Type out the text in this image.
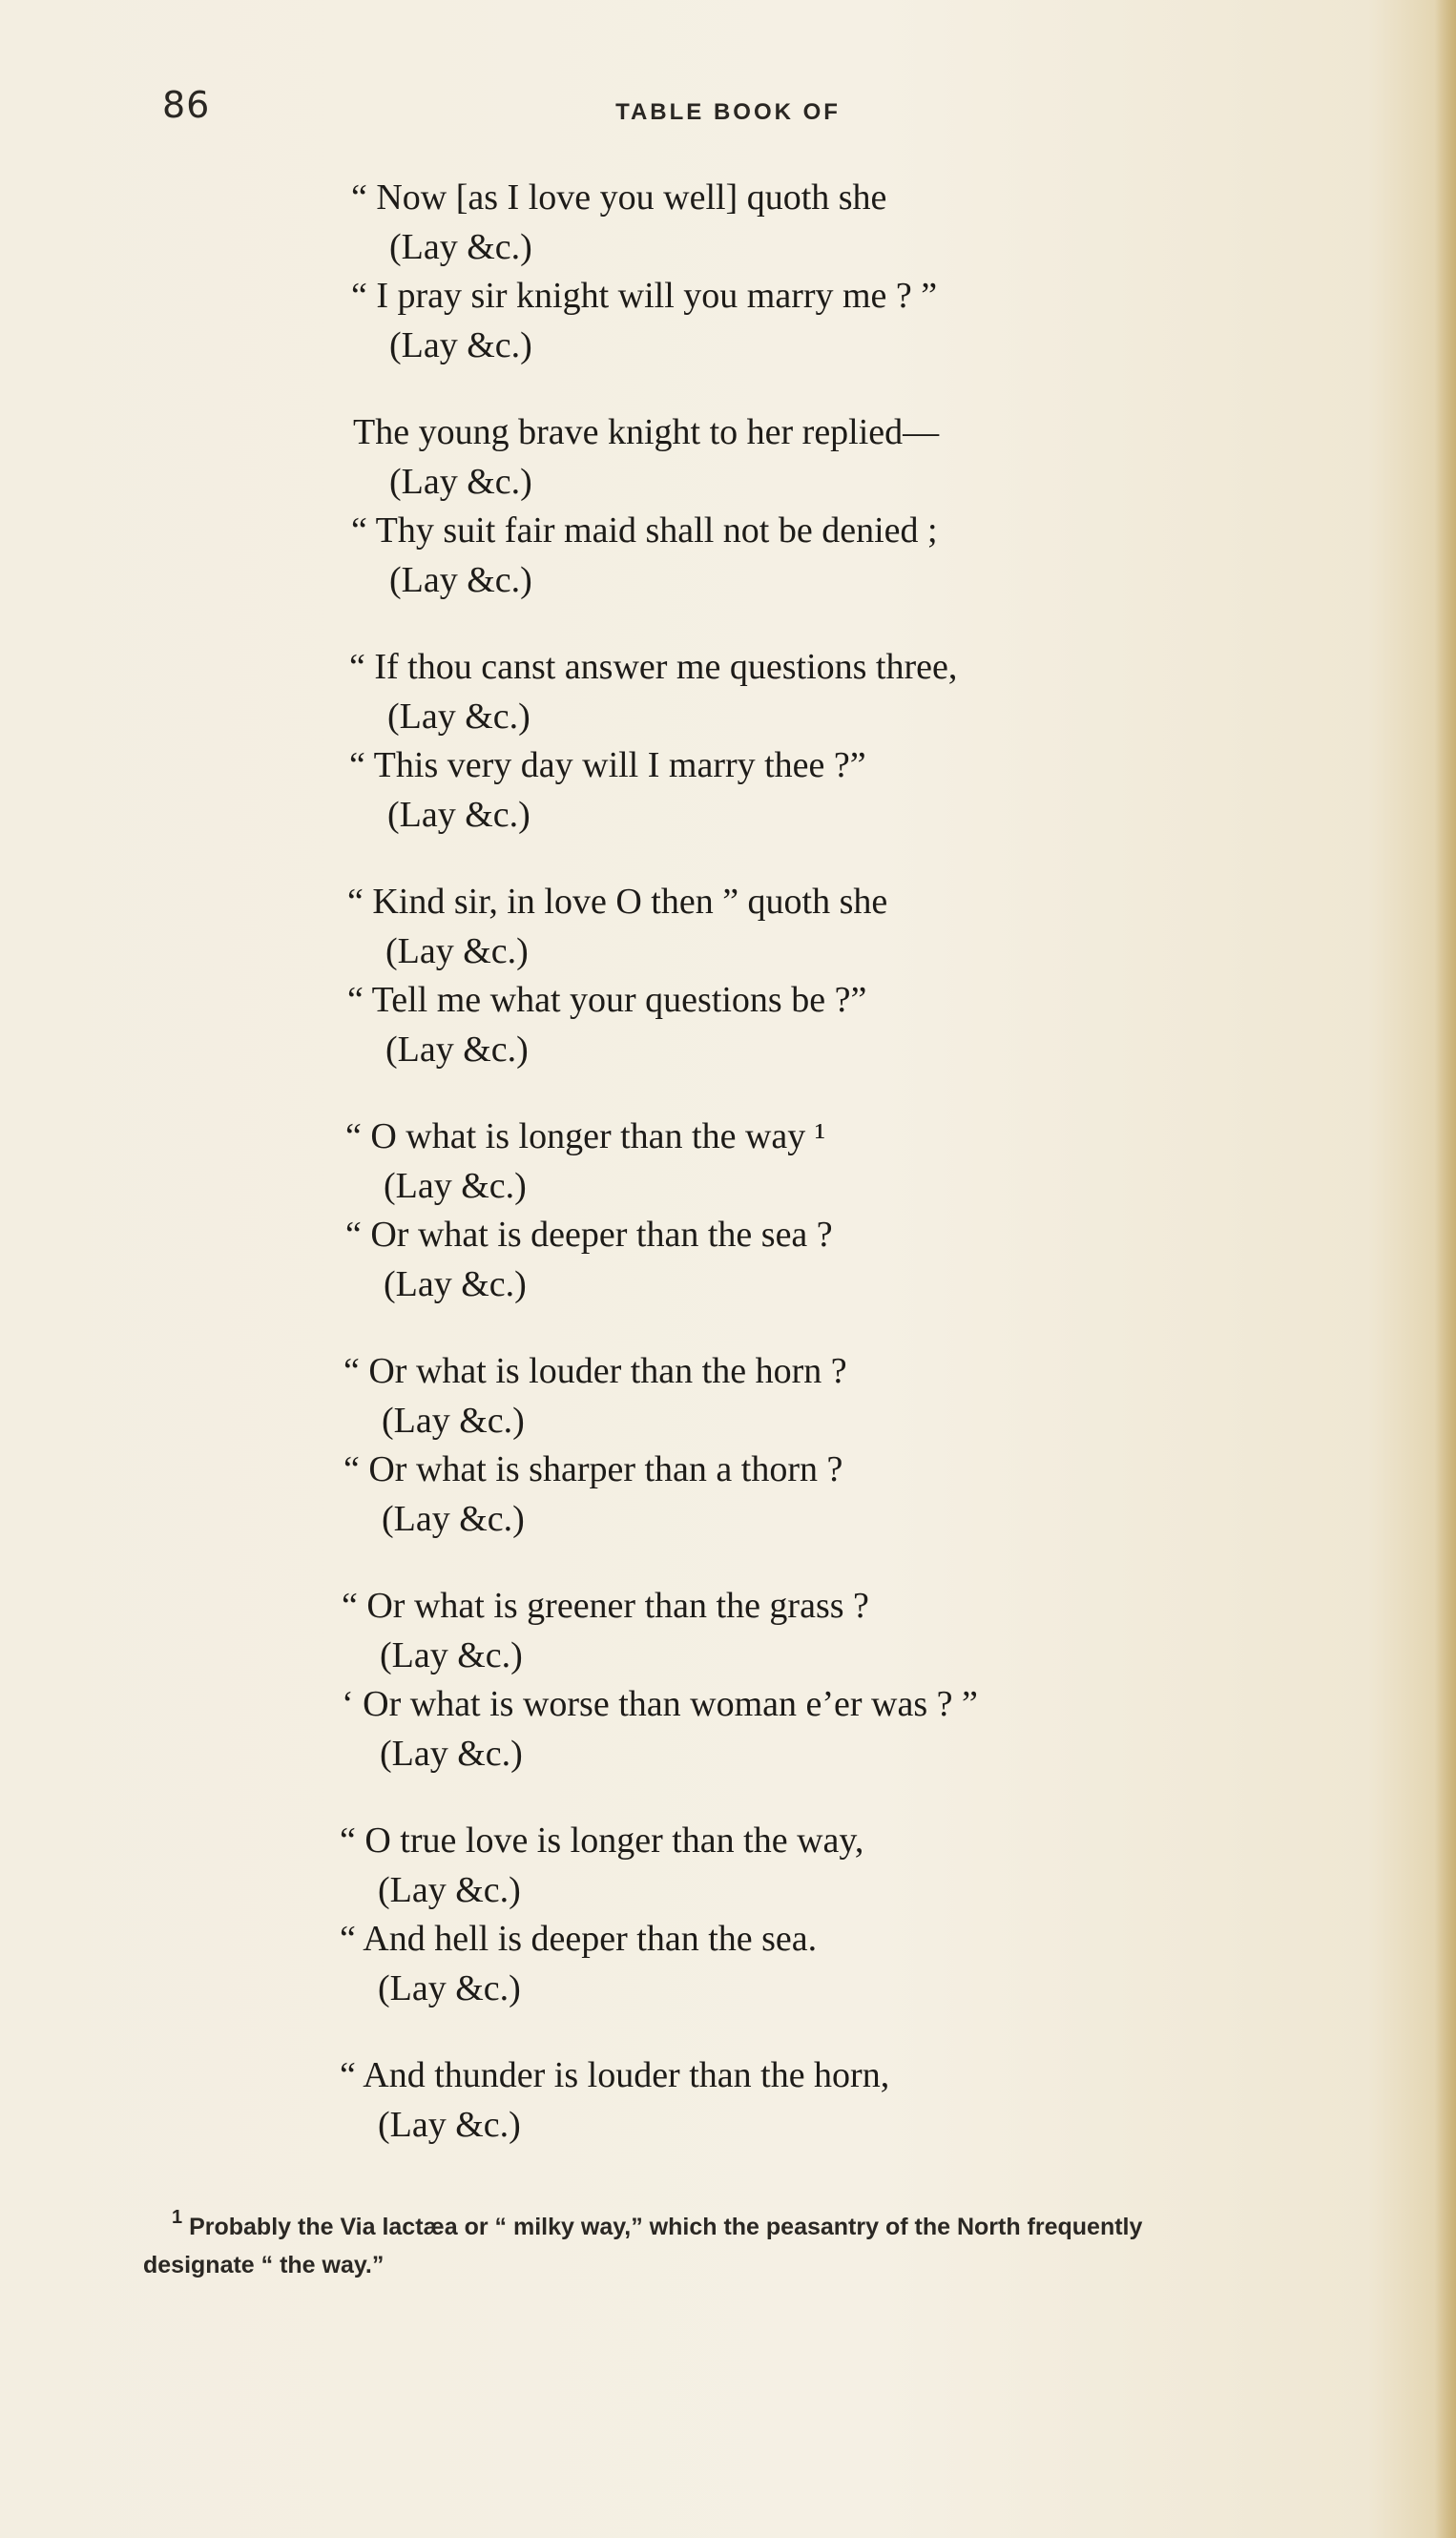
86	TABLE BOOK OF
“ Now [as I love you well] quoth she
(Lay &c.)
“ I pray sir knight will you marry me ? ”
(Lay &c.)
The young brave knight to her replied—
(Lay &c.)
“ Thy suit fair maid shall not be denied ;
(Lay &c.)
“ If thou canst answer me questions three,
(Lay &c.)
“ This very day will I marry thee ?”
(Lay &c.)
“ Kind sir, in love O then ” quoth she
(Lay &c.)
“ Tell me what your questions be ?”
(Lay &c.)
“ O what is longer than the way ¹
(Lay &c.)
“ Or what is deeper than the sea ?
(Lay &c.)
“ Or what is louder than the horn ?
(Lay &c.)
“ Or what is sharper than a thorn ?
(Lay &c.)
“ Or what is greener than the grass ?
(Lay &c.)
‘ Or what is worse than woman e’er was ? ”
(Lay &c.)
“ O true love is longer than the way,
(Lay &c.)
“ And hell is deeper than the sea.
(Lay &c.)
“ And thunder is louder than the horn,
(Lay &c.)
$^1$ Probably the Via lactæa or “ milky way,” which the peasantry of the North frequently
designate “ the way.”
